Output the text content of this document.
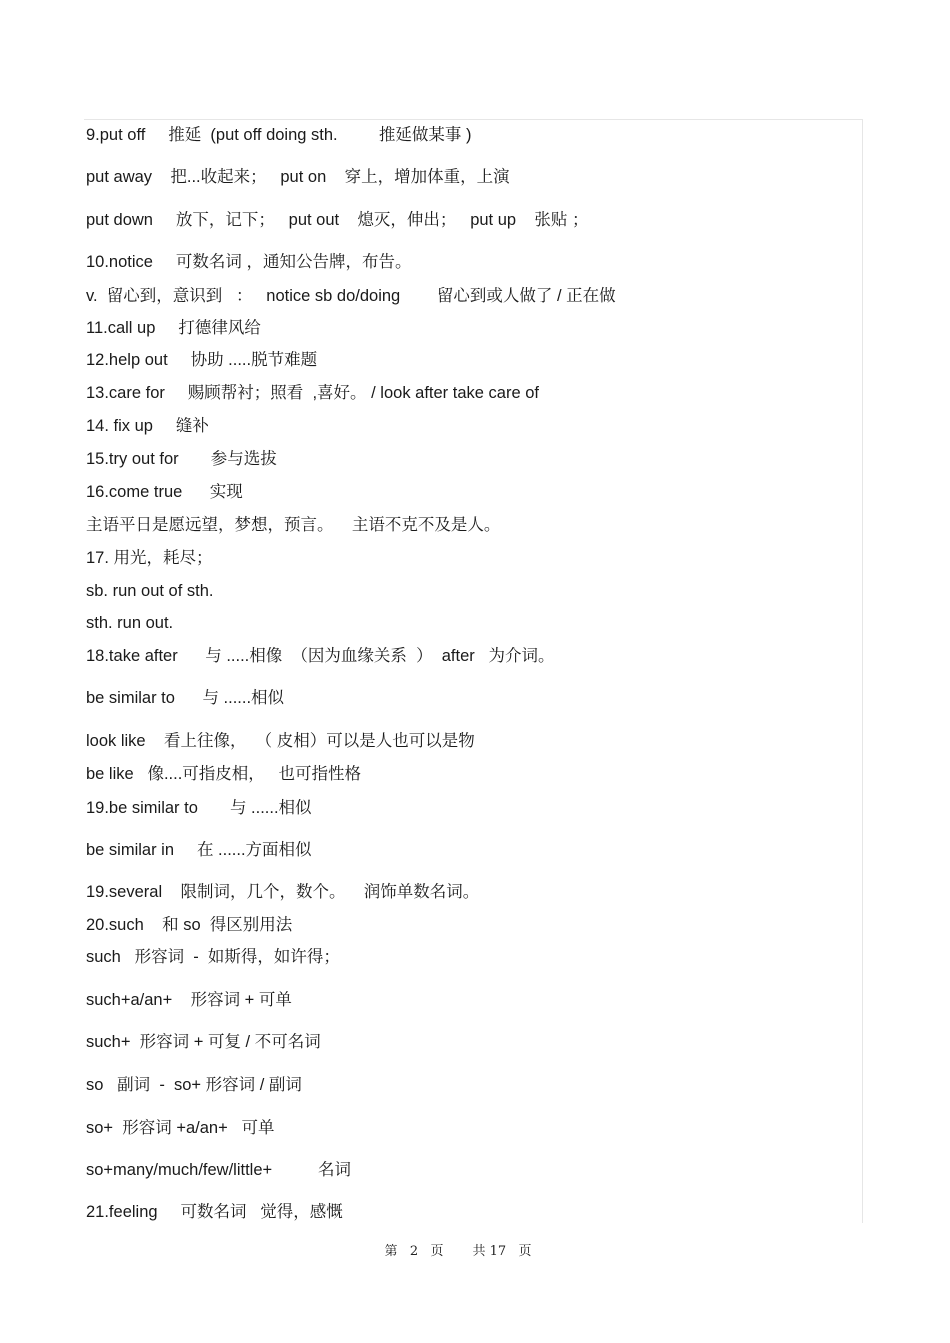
9.put off     推延  (put off doing sth.         推延做某事 )

put away    把...收起来；   put on    穿上，增加体重，上演

put down     放下，记下；   put out    熄灭，伸出；   put up    张贴 ；

10.notice     可数名词 ，通知公告牌，布告。

v.  留心到，意识到   ：   notice sb do/doing        留心到或人做了 / 正在做

11.call up     打德律风给

12.help out     协助 .....脱节难题

13.care for     赐顾帮衬；照看  ,喜好。 / look after take care of

14. fix up     缝补

15.try out for       参与选拔

16.come true      实现

主语平日是愿远望，梦想，预言。    主语不克不及是人。

17. 用光，耗尽；

sb. run out of sth.

sth. run out.

18.take after      与 .....相像  （因为血缘关系  ）  after   为介词。

be similar to      与 ......相似

look like    看上往像，  （ 皮相）可以是人也可以是物

be like   像....可指皮相，   也可指性格

19.be similar to       与 ......相似

be similar in     在 ......方面相似

19.several    限制词，几个，数个。    润饰单数名词。

20.such    和 so  得区别用法

such   形容词  -  如斯得，如许得；

such+a/an+    形容词 + 可单

such+  形容词 + 可复 / 不可名词

so   副词  -  so+ 形容词 / 副词

so+  形容词 +a/an+   可单

so+many/much/few/little+          名词

21.feeling     可数名词   觉得，感慨

第   2   页       共 17   页
